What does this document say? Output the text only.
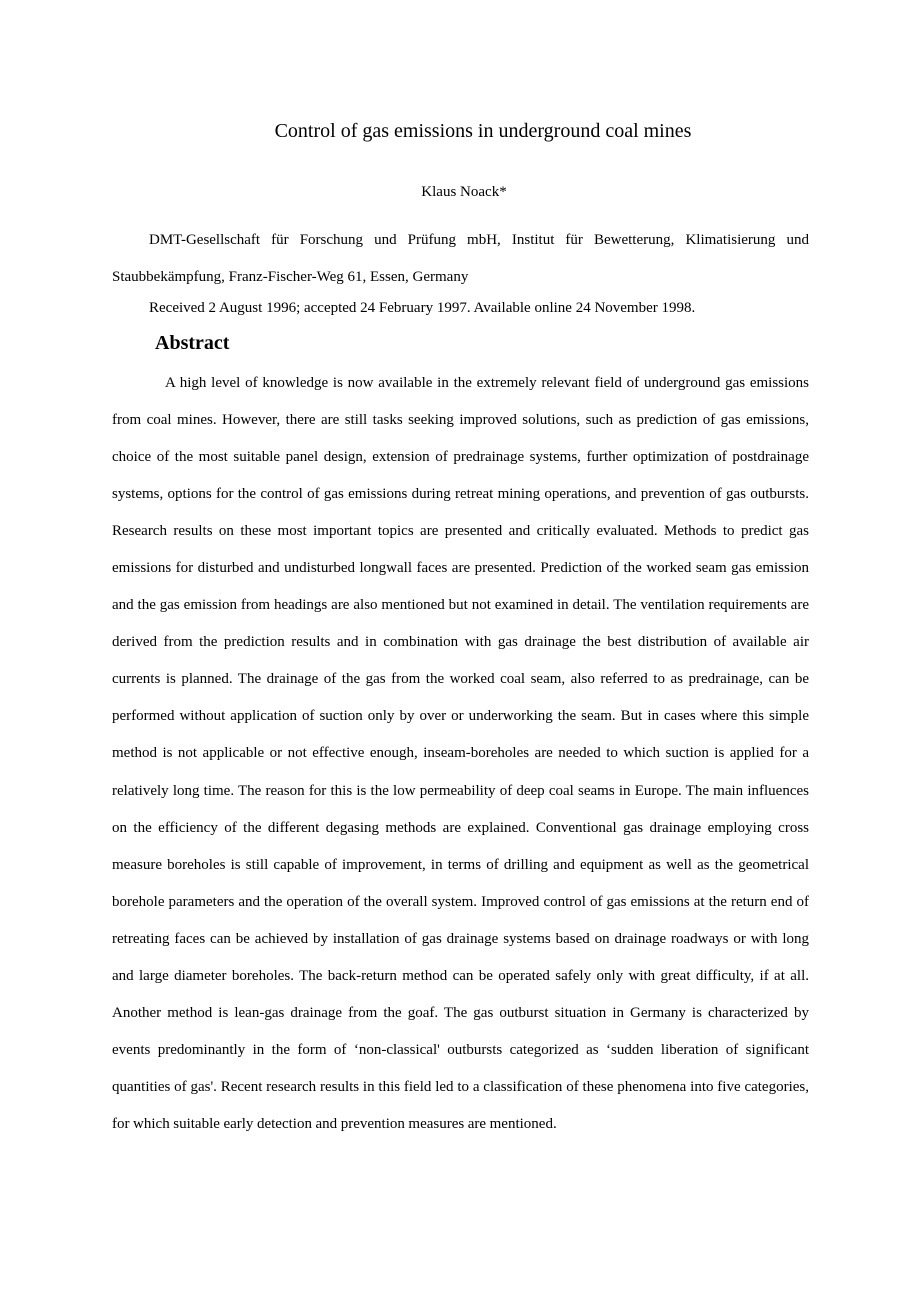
Control of gas emissions in underground coal mines
Klaus Noack*
DMT-Gesellschaft für Forschung und Prüfung mbH, Institut für Bewetterung, Klimatisierung und Staubbekämpfung, Franz-Fischer-Weg 61, Essen, Germany
Received 2 August 1996; accepted 24 February 1997. Available online 24 November 1998.
Abstract
A high level of knowledge is now available in the extremely relevant field of underground gas emissions from coal mines. However, there are still tasks seeking improved solutions, such as prediction of gas emissions, choice of the most suitable panel design, extension of predrainage systems, further optimization of postdrainage systems, options for the control of gas emissions during retreat mining operations, and prevention of gas outbursts. Research results on these most important topics are presented and critically evaluated. Methods to predict gas emissions for disturbed and undisturbed longwall faces are presented. Prediction of the worked seam gas emission and the gas emission from headings are also mentioned but not examined in detail. The ventilation requirements are derived from the prediction results and in combination with gas drainage the best distribution of available air currents is planned. The drainage of the gas from the worked coal seam, also referred to as predrainage, can be performed without application of suction only by over or underworking the seam. But in cases where this simple method is not applicable or not effective enough, inseam-boreholes are needed to which suction is applied for a relatively long time. The reason for this is the low permeability of deep coal seams in Europe. The main influences on the efficiency of the different degasing methods are explained. Conventional gas drainage employing cross measure boreholes is still capable of improvement, in terms of drilling and equipment as well as the geometrical borehole parameters and the operation of the overall system. Improved control of gas emissions at the return end of retreating faces can be achieved by installation of gas drainage systems based on drainage roadways or with long and large diameter boreholes. The back-return method can be operated safely only with great difficulty, if at all. Another method is lean-gas drainage from the goaf. The gas outburst situation in Germany is characterized by events predominantly in the form of ‘non-classical' outbursts categorized as ‘sudden liberation of significant quantities of gas'. Recent research results in this field led to a classification of these phenomena into five categories, for which suitable early detection and prevention measures are mentioned.
